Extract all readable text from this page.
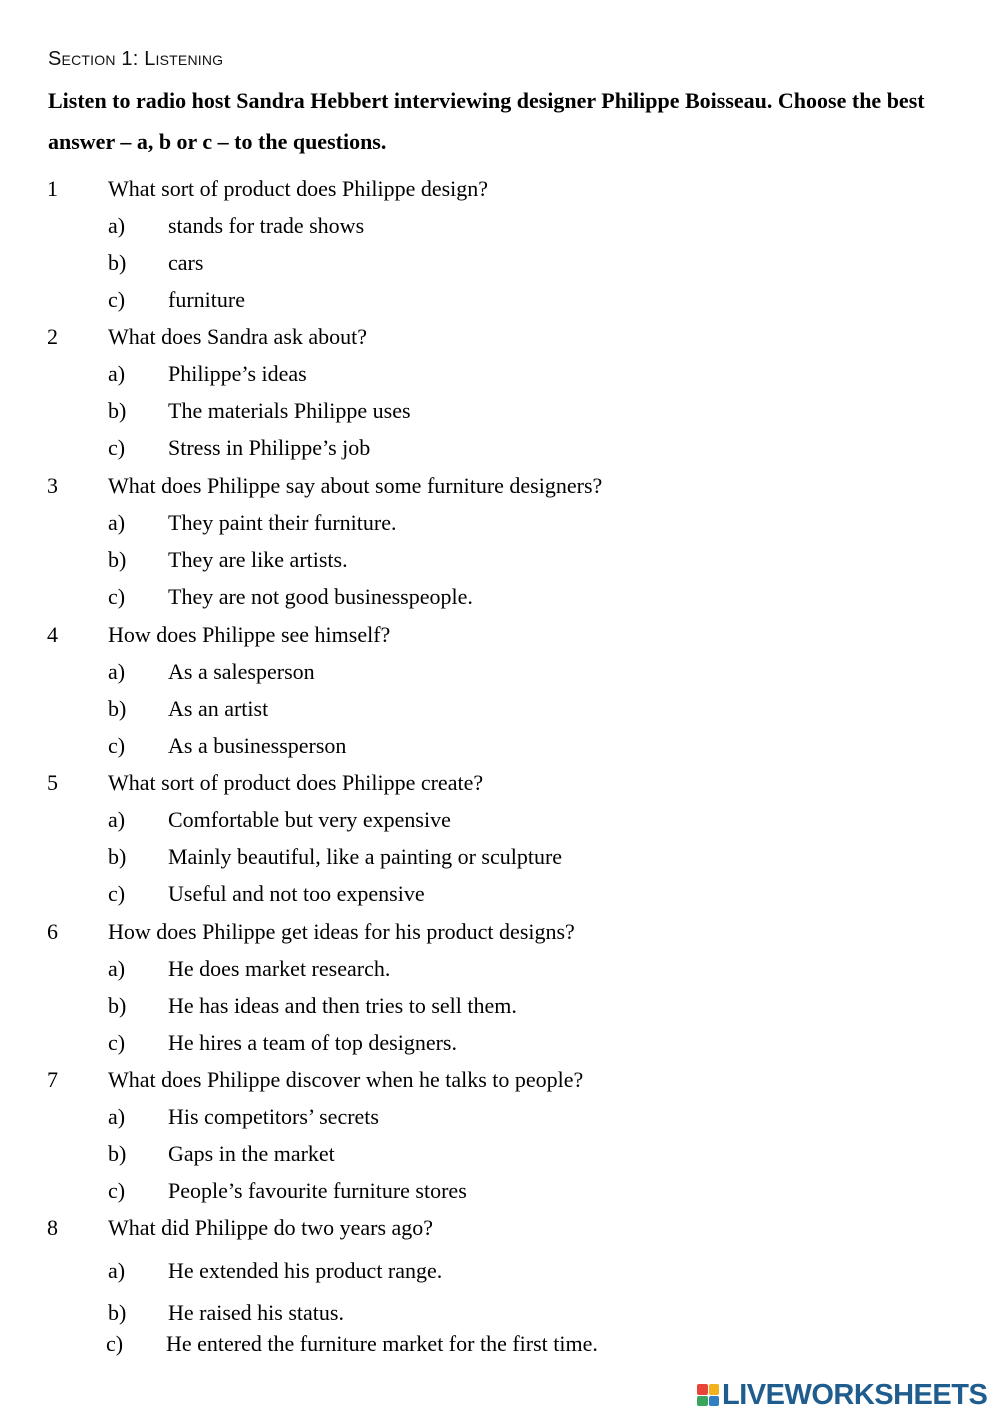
Section 1: Listening
Listen to radio host Sandra Hebbert interviewing designer Philippe Boisseau. Choose the best answer – a, b or c – to the questions.
1 What sort of product does Philippe design?
a) stands for trade shows
b) cars
c) furniture
2 What does Sandra ask about?
a) Philippe’s ideas
b) The materials Philippe uses
c) Stress in Philippe’s job
3 What does Philippe say about some furniture designers?
a) They paint their furniture.
b) They are like artists.
c) They are not good businesspeople.
4 How does Philippe see himself?
a) As a salesperson
b) As an artist
c) As a businessperson
5 What sort of product does Philippe create?
a) Comfortable but very expensive
b) Mainly beautiful, like a painting or sculpture
c) Useful and not too expensive
6 How does Philippe get ideas for his product designs?
a) He does market research.
b) He has ideas and then tries to sell them.
c) He hires a team of top designers.
7 What does Philippe discover when he talks to people?
a) His competitors’ secrets
b) Gaps in the market
c) People’s favourite furniture stores
8 What did Philippe do two years ago?
a) He extended his product range.
b) He raised his status.
c) He entered the furniture market for the first time.
LIVEWORKSHEETS
